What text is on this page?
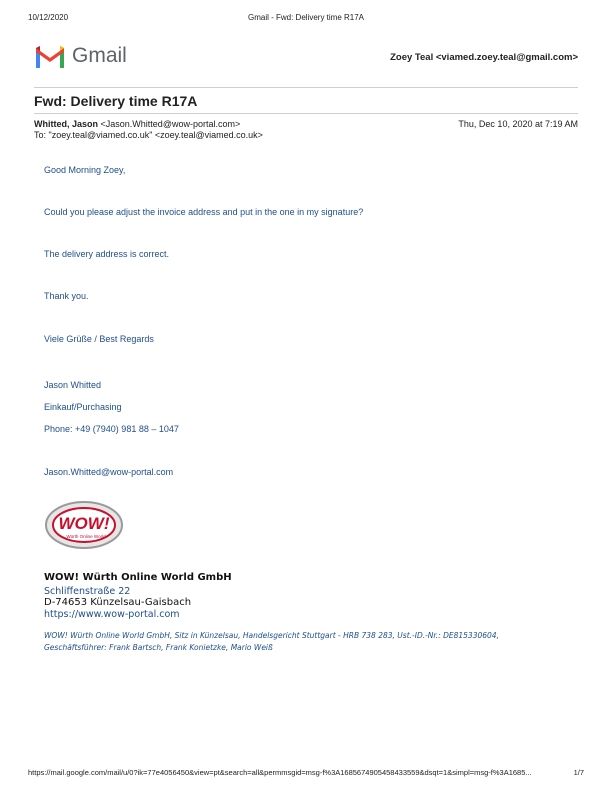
10/12/2020	Gmail - Fwd: Delivery time R17A
Gmail	Zoey Teal <viamed.zoey.teal@gmail.com>
Fwd: Delivery time R17A
Whitted, Jason <Jason.Whitted@wow-portal.com>	Thu, Dec 10, 2020 at 7:19 AM
To: "zoey.teal@viamed.co.uk" <zoey.teal@viamed.co.uk>
Good Morning Zoey,
Could you please adjust the invoice address and put in the one in my signature?
The delivery address is correct.
Thank you.
Viele Grüße / Best Regards
Jason Whitted
Einkauf/Purchasing
Phone: +49 (7940) 981 88 – 1047
Jason.Whitted@wow-portal.com
WOW!
Würth Online World
WOW! Würth Online World GmbH
Schliffenstraße 22
D-74653 Künzelsau-Gaisbach
https://www.wow-portal.com
WOW! Würth Online World GmbH, Sitz in Künzelsau, Handelsgericht Stuttgart - HRB 738 283, Ust.-ID.-Nr.: DE815330604,
Geschäftsführer: Frank Bartsch, Frank Konietzke, Mario Weiß
https://mail.google.com/mail/u/0?ik=77e4056450&view=pt&search=all&permmsgid=msg-f%3A1685674905458433559&dsqt=1&simpl=msg-f%3A1685...	1/7
